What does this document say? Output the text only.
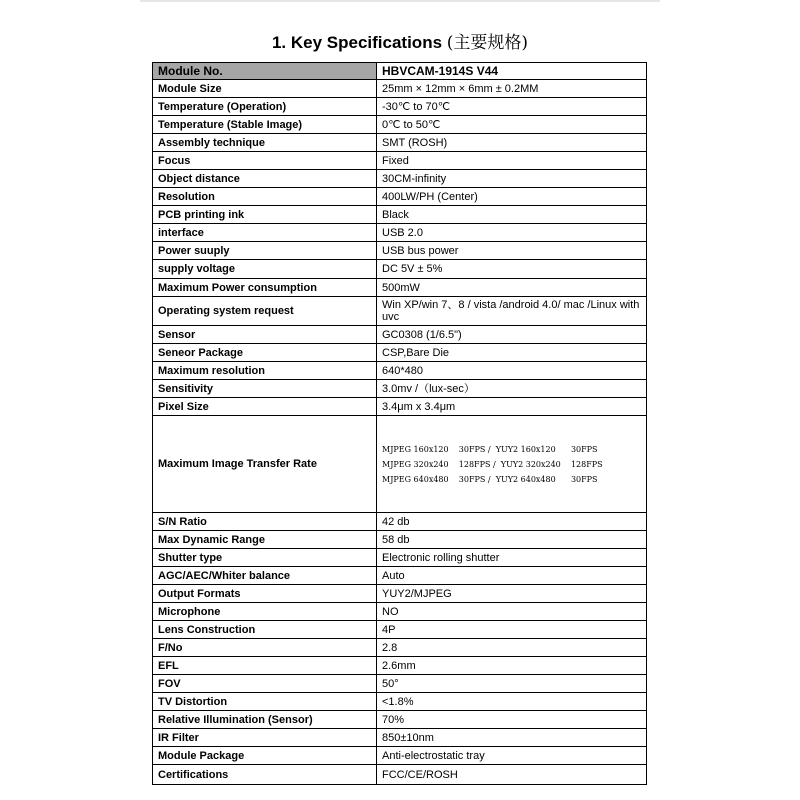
1. Key Specifications (主要规格)
Module No.	HBVCAM-1914S V44
Module Size	25mm × 12mm × 6mm ± 0.2MM
Temperature (Operation)	-30℃ to 70℃
Temperature (Stable Image)	0℃ to 50℃
Assembly technique	SMT (ROSH)
Focus	Fixed
Object distance	30CM-infinity
Resolution	400LW/PH (Center)
PCB printing ink	Black
interface	USB 2.0
Power suuply	USB bus power
supply voltage	DC 5V ± 5%
Maximum Power consumption	500mW
Operating system request	Win XP/win 7、8 / vista /android 4.0/ mac /Linux with uvc
Sensor	GC0308 (1/6.5")
Seneor Package	CSP,Bare Die
Maximum resolution	640*480
Sensitivity	3.0mv /（lux-sec）
Pixel Size	3.4μm x 3.4μm
Maximum Image Transfer Rate	MJPEG 160x120    30FPS /  YUY2 160x120      30FPS
MJPEG 320x240    128FPS /  YUY2 320x240    128FPS
MJPEG 640x480    30FPS /  YUY2 640x480      30FPS

S/N Ratio	42 db
Max Dynamic Range	58 db
Shutter type	Electronic rolling shutter
AGC/AEC/Whiter balance	Auto
Output Formats	YUY2/MJPEG
Microphone	NO
Lens Construction	4P
F/No	2.8
EFL	2.6mm
FOV	50°
TV Distortion	<1.8%
Relative Illumination (Sensor)	70%
IR Filter	850±10nm
Module Package	Anti-electrostatic tray
Certifications	FCC/CE/ROSH
